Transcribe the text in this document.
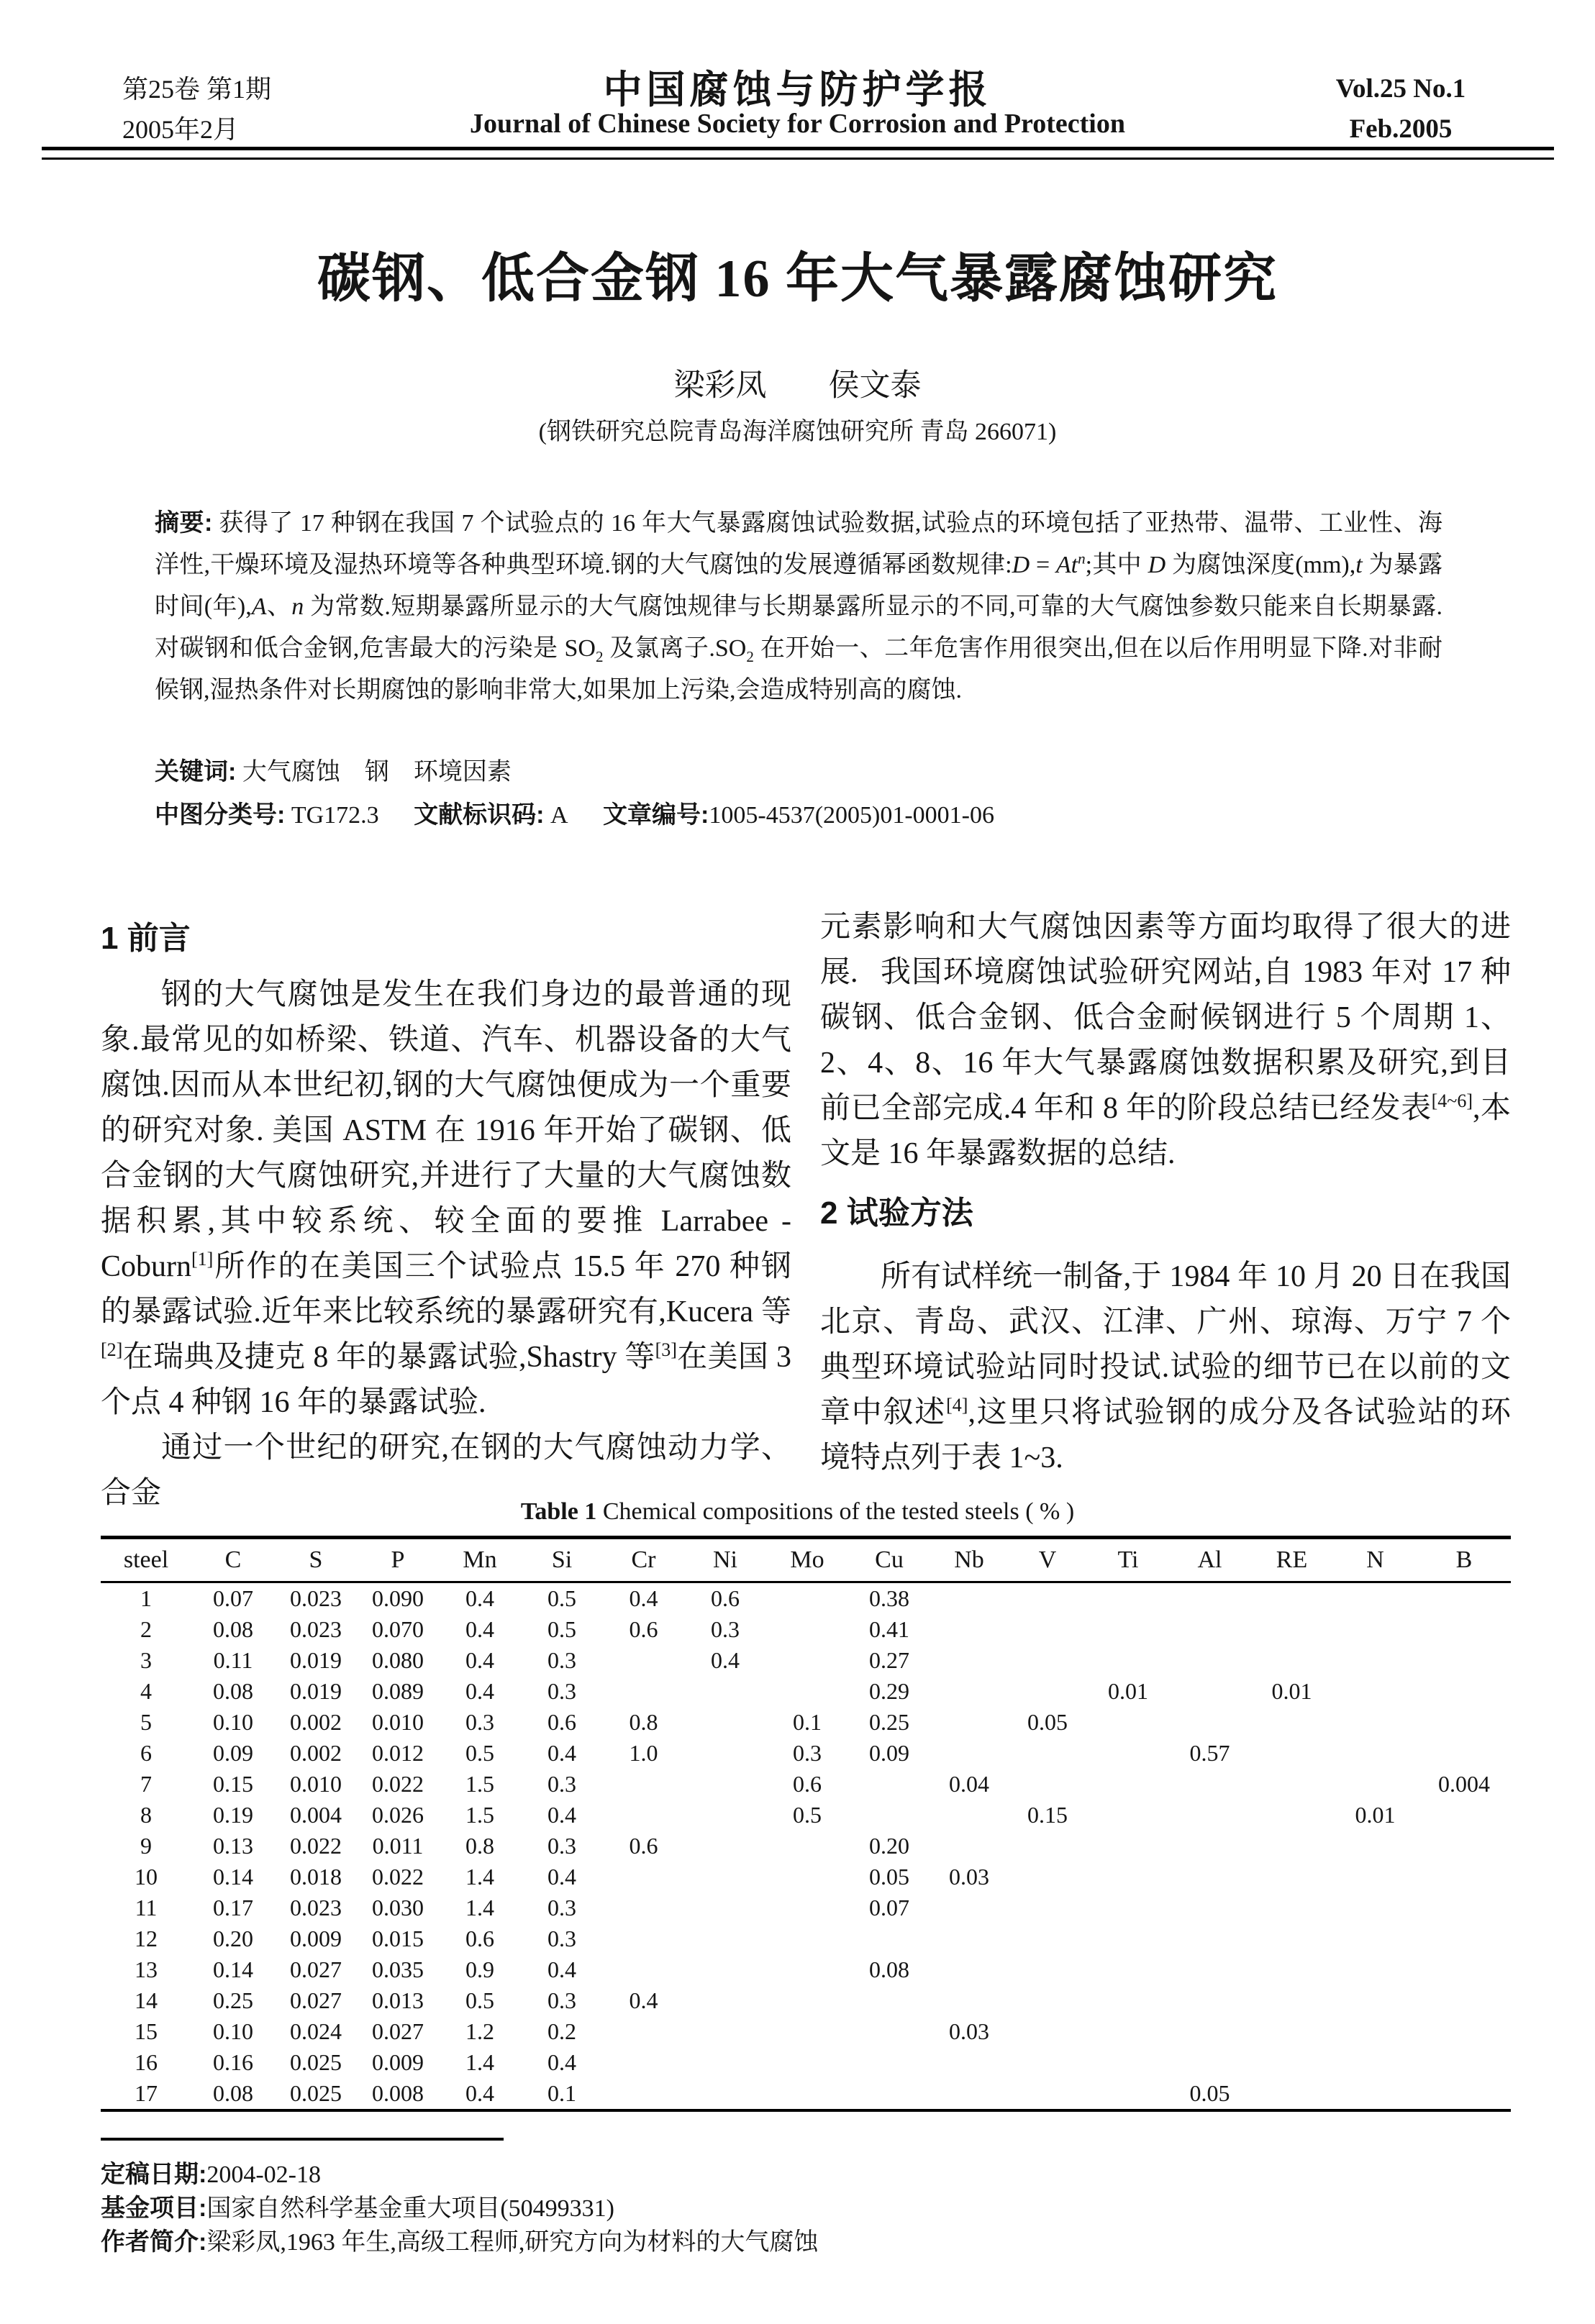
第25卷 第1期
2005年2月
中国腐蚀与防护学报
Journal of Chinese Society for Corrosion and Protection
Vol.25 No.1
Feb.2005
碳钢、低合金钢 16 年大气暴露腐蚀研究
梁彩凤　　侯文泰
(钢铁研究总院青岛海洋腐蚀研究所 青岛 266071)

摘要: 获得了 17 种钢在我国 7 个试验点的 16 年大气暴露腐蚀试验数据,试验点的环境包括了亚热带、温带、工业性、海洋性,干燥环境及湿热环境等各种典型环境.钢的大气腐蚀的发展遵循幂函数规律:D = $At^n$;其中 D 为腐蚀深度(mm),t 为暴露时间(年),A、n 为常数.短期暴露所显示的大气腐蚀规律与长期暴露所显示的不同,可靠的大气腐蚀参数只能来自长期暴露.对碳钢和低合金钢,危害最大的污染是 $SO_2$ 及氯离子$.SO_2$ 在开始一、二年危害作用很突出,但在以后作用明显下降.对非耐候钢,湿热条件对长期腐蚀的影响非常大,如果加上污染,会造成特别高的腐蚀.

关键词: 大气腐蚀　钢　环境因素
中图分类号: TG172.3 文献标识码: A 文章编号:1005-4537(2005)01-0001-06
1 前言

钢的大气腐蚀是发生在我们身边的最普通的现象.最常见的如桥梁、铁道、汽车、机器设备的大气腐蚀.因而从本世纪初,钢的大气腐蚀便成为一个重要的研究对象. 美国 ASTM 在 1916 年开始了碳钢、低合金钢的大气腐蚀研究,并进行了大量的大气腐蚀数据积累,其中较系统、较全面的要推 Larrabee - Coburn[1]所作的在美国三个试验点 15.5 年 270 种钢的暴露试验.近年来比较系统的暴露研究有,Kucera 等[2]在瑞典及捷克 8 年的暴露试验,Shastry 等[3]在美国 3 个点 4 种钢 16 年的暴露试验.

通过一个世纪的研究,在钢的大气腐蚀动力学、合金

元素影响和大气腐蚀因素等方面均取得了很大的进展. 我国环境腐蚀试验研究网站,自 1983 年对 17 种碳钢、低合金钢、低合金耐候钢进行 5 个周期 1、2、4、8、16 年大气暴露腐蚀数据积累及研究,到目前已全部完成.4 年和 8 年的阶段总结已经发表[4~6],本文是 16 年暴露数据的总结.

2 试验方法

所有试样统一制备,于 1984 年 10 月 20 日在我国北京、青岛、武汉、江津、广州、琼海、万宁 7 个典型环境试验站同时投试.试验的细节已在以前的文章中叙述[4],这里只将试验钢的成分及各试验站的环境特点列于表 1~3.

Table 1 Chemical compositions of the tested steels ( % )
steel	C	S	P	Mn	Si	Cr	Ni	Mo	Cu	Nb	V	Ti	Al	RE	N	B
1	0.07	0.023	0.090	0.4	0.5	0.4	0.6		0.38							
2	0.08	0.023	0.070	0.4	0.5	0.6	0.3		0.41							
3	0.11	0.019	0.080	0.4	0.3		0.4		0.27							
4	0.08	0.019	0.089	0.4	0.3				0.29			0.01		0.01		
5	0.10	0.002	0.010	0.3	0.6	0.8		0.1	0.25		0.05					
6	0.09	0.002	0.012	0.5	0.4	1.0		0.3	0.09				0.57			
7	0.15	0.010	0.022	1.5	0.3			0.6		0.04						0.004
8	0.19	0.004	0.026	1.5	0.4			0.5			0.15				0.01	
9	0.13	0.022	0.011	0.8	0.3	0.6			0.20							
10	0.14	0.018	0.022	1.4	0.4				0.05	0.03						
11	0.17	0.023	0.030	1.4	0.3				0.07							
12	0.20	0.009	0.015	0.6	0.3											
13	0.14	0.027	0.035	0.9	0.4				0.08							
14	0.25	0.027	0.013	0.5	0.3	0.4										
15	0.10	0.024	0.027	1.2	0.2					0.03						
16	0.16	0.025	0.009	1.4	0.4											
17	0.08	0.025	0.008	0.4	0.1								0.05			
定稿日期:2004-02-18
基金项目:国家自然科学基金重大项目(50499331)
作者简介:梁彩凤,1963 年生,高级工程师,研究方向为材料的大气腐蚀
